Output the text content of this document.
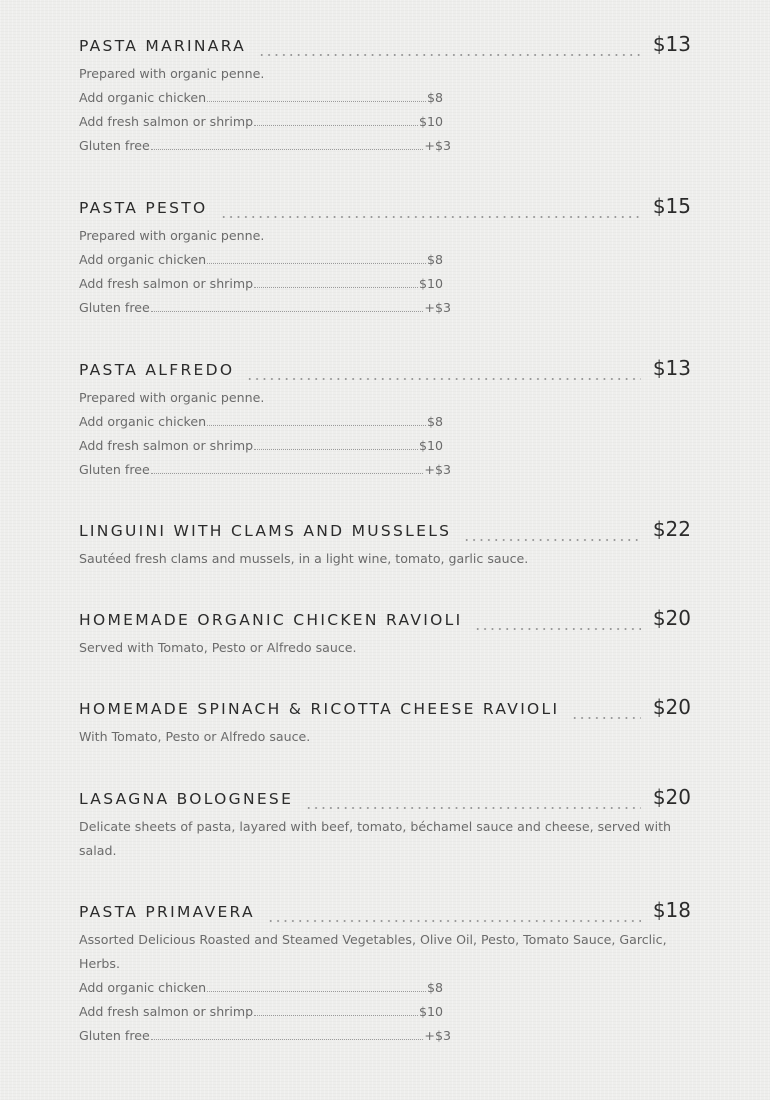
PASTA MARINARA	$13
Prepared with organic penne.
Add organic chicken	$8
Add fresh salmon or shrimp	$10
Gluten free	+$3
PASTA PESTO	$15
Prepared with organic penne.
Add organic chicken	$8
Add fresh salmon or shrimp	$10
Gluten free	+$3
PASTA ALFREDO	$13
Prepared with organic penne.
Add organic chicken	$8
Add fresh salmon or shrimp	$10
Gluten free	+$3
LINGUINI WITH CLAMS AND MUSSLELS	$22
Sautéed fresh clams and mussels, in a light wine, tomato, garlic sauce.
HOMEMADE ORGANIC CHICKEN RAVIOLI	$20
Served with Tomato, Pesto or Alfredo sauce.
HOMEMADE SPINACH & RICOTTA CHEESE RAVIOLI	$20
With Tomato, Pesto or Alfredo sauce.
LASAGNA BOLOGNESE	$20
Delicate sheets of pasta, layared with beef, tomato, béchamel sauce and cheese, served with salad.
PASTA PRIMAVERA	$18
Assorted Delicious Roasted and Steamed Vegetables, Olive Oil, Pesto, Tomato Sauce, Garclic, Herbs.
Add organic chicken	$8
Add fresh salmon or shrimp	$10
Gluten free	+$3
